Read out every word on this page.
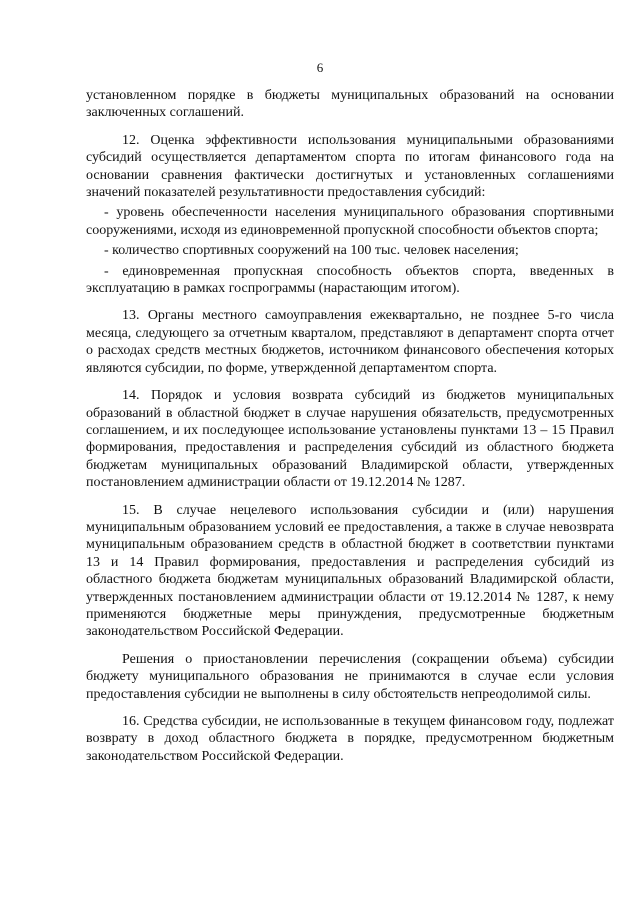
6

установленном порядке в бюджеты муниципальных образований на основании заключенных соглашений.

12. Оценка эффективности использования муниципальными образованиями субсидий осуществляется департаментом спорта по итогам финансового года на основании сравнения фактически достигнутых и установленных соглашениями значений показателей результативности предоставления субсидий:

- уровень обеспеченности населения муниципального образования спортивными сооружениями, исходя из единовременной пропускной способности объектов спорта;

- количество спортивных сооружений на 100 тыс. человек населения;

- единовременная пропускная способность объектов спорта, введенных в эксплуатацию в рамках госпрограммы (нарастающим итогом).

13. Органы местного самоуправления ежеквартально, не позднее 5-го числа месяца, следующего за отчетным кварталом, представляют в департамент спорта отчет о расходах средств местных бюджетов, источником финансового обеспечения которых являются субсидии, по форме, утвержденной департаментом спорта.

14. Порядок и условия возврата субсидий из бюджетов муниципальных образований в областной бюджет в случае нарушения обязательств, предусмотренных соглашением, и их последующее использование установлены пунктами 13 – 15 Правил формирования, предоставления и распределения субсидий из областного бюджета бюджетам муниципальных образований Владимирской области, утвержденных постановлением администрации области от 19.12.2014 № 1287.

15. В случае нецелевого использования субсидии и (или) нарушения муниципальным образованием условий ее предоставления, а также в случае невозврата муниципальным образованием средств в областной бюджет в соответствии пунктами 13 и 14 Правил формирования, предоставления и распределения субсидий из областного бюджета бюджетам муниципальных образований Владимирской области, утвержденных постановлением администрации области от 19.12.2014 № 1287, к нему применяются бюджетные меры принуждения, предусмотренные бюджетным законодательством Российской Федерации.

Решения о приостановлении перечисления (сокращении объема) субсидии бюджету муниципального образования не принимаются в случае если условия предоставления субсидии не выполнены в силу обстоятельств непреодолимой силы.

16. Средства субсидии, не использованные в текущем финансовом году, подлежат возврату в доход областного бюджета в порядке, предусмотренном бюджетным законодательством Российской Федерации.
